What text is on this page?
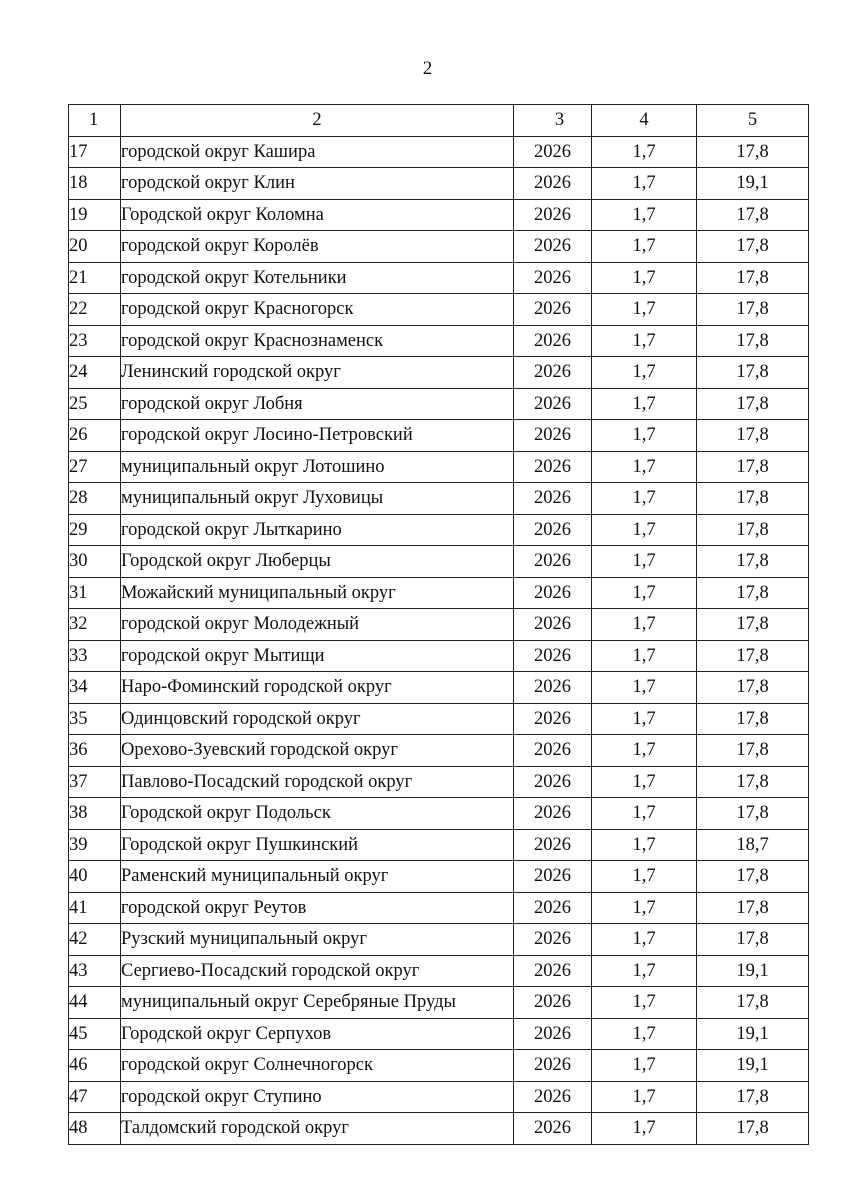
2
1	2	3	4	5
17	городской округ Кашира	2026	1,7	17,8
18	городской округ Клин	2026	1,7	19,1
19	Городской округ Коломна	2026	1,7	17,8
20	городской округ Королёв	2026	1,7	17,8
21	городской округ Котельники	2026	1,7	17,8
22	городской округ Красногорск	2026	1,7	17,8
23	городской округ Краснознаменск	2026	1,7	17,8
24	Ленинский городской округ	2026	1,7	17,8
25	городской округ Лобня	2026	1,7	17,8
26	городской округ Лосино-Петровский	2026	1,7	17,8
27	муниципальный округ Лотошино	2026	1,7	17,8
28	муниципальный округ Луховицы	2026	1,7	17,8
29	городской округ Лыткарино	2026	1,7	17,8
30	Городской округ Люберцы	2026	1,7	17,8
31	Можайский муниципальный округ	2026	1,7	17,8
32	городской округ Молодежный	2026	1,7	17,8
33	городской округ Мытищи	2026	1,7	17,8
34	Наро-Фоминский городской округ	2026	1,7	17,8
35	Одинцовский городской округ	2026	1,7	17,8
36	Орехово-Зуевский городской округ	2026	1,7	17,8
37	Павлово-Посадский городской округ	2026	1,7	17,8
38	Городской округ Подольск	2026	1,7	17,8
39	Городской округ Пушкинский	2026	1,7	18,7
40	Раменский муниципальный округ	2026	1,7	17,8
41	городской округ Реутов	2026	1,7	17,8
42	Рузский муниципальный округ	2026	1,7	17,8
43	Сергиево-Посадский городской округ	2026	1,7	19,1
44	муниципальный округ Серебряные Пруды	2026	1,7	17,8
45	Городской округ Серпухов	2026	1,7	19,1
46	городской округ Солнечногорск	2026	1,7	19,1
47	городской округ Ступино	2026	1,7	17,8
48	Талдомский городской округ	2026	1,7	17,8
